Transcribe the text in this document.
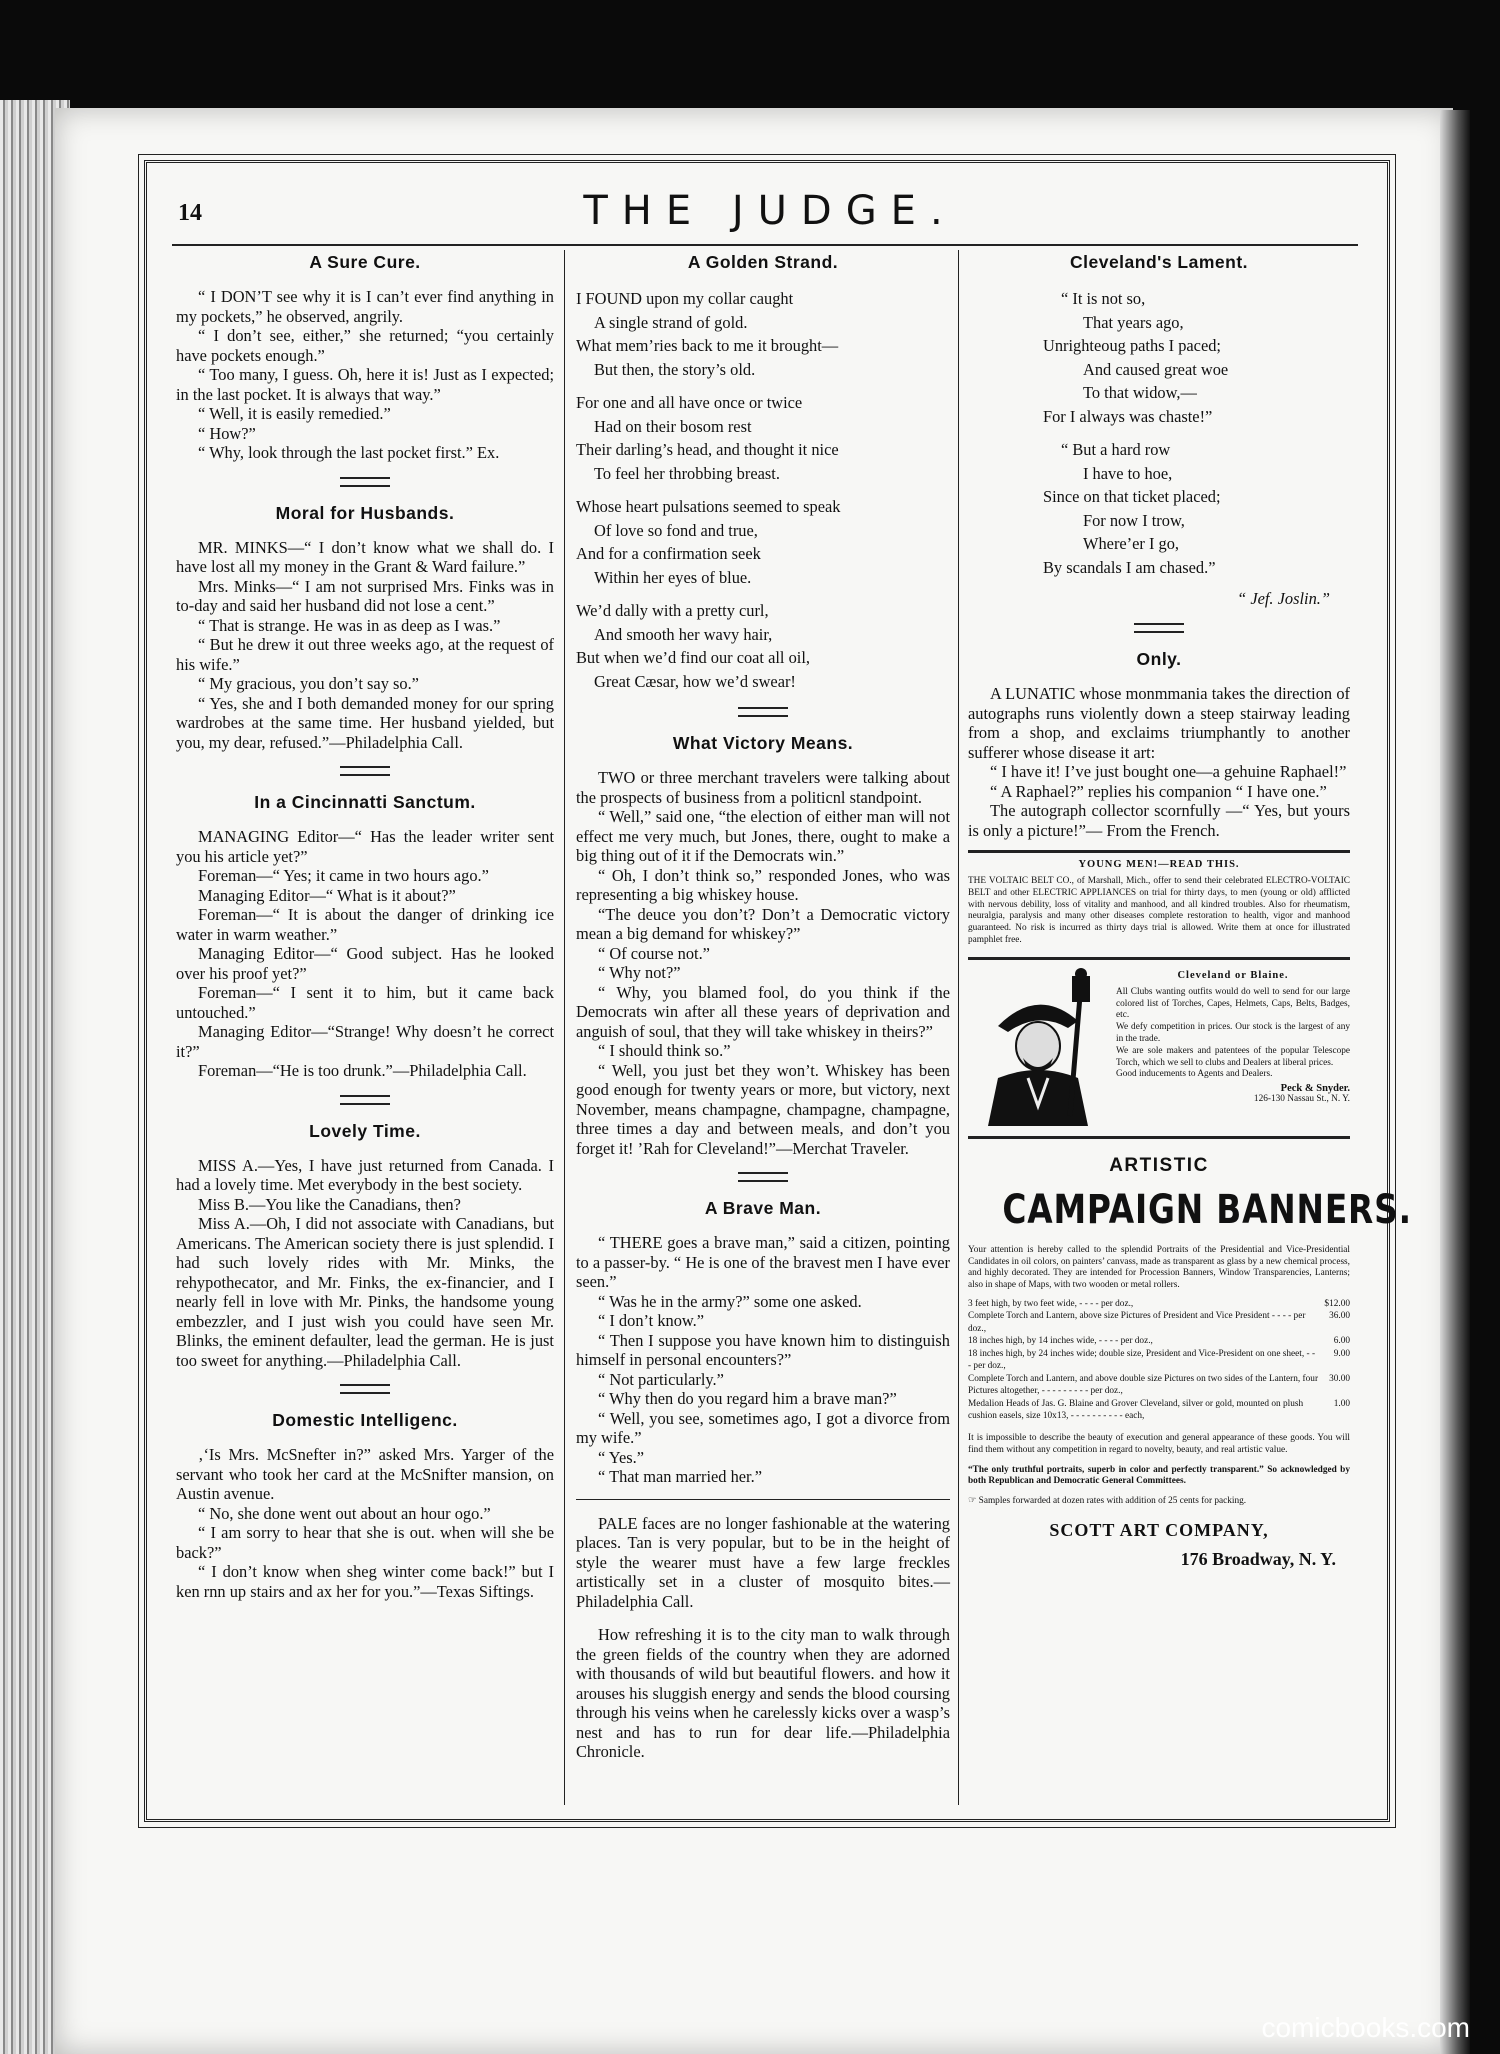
14	THE JUDGE.
A Sure Cure.

“ I DON’T see why it is I can’t ever find anything in my pockets,” he observed, angrily.

“ I don’t see, either,” she returned; “you certainly have pockets enough.”

“ Too many, I guess. Oh, here it is! Just as I expected; in the last pocket. It is always that way.”

“ Well, it is easily remedied.”

“ How?”

“ Why, look through the last pocket first.” Ex.

Moral for Husbands.

MR. MINKS—“ I don’t know what we shall do. I have lost all my money in the Grant & Ward failure.”

Mrs. Minks—“ I am not surprised Mrs. Finks was in to-day and said her husband did not lose a cent.”

“ That is strange. He was in as deep as I was.”

“ But he drew it out three weeks ago, at the request of his wife.”

“ My gracious, you don’t say so.”

“ Yes, she and I both demanded money for our spring wardrobes at the same time. Her husband yielded, but you, my dear, refused.”—Philadelphia Call.

In a Cincinnatti Sanctum.

MANAGING Editor—“ Has the leader writer sent you his article yet?”

Foreman—“ Yes; it came in two hours ago.”

Managing Editor—“ What is it about?”

Foreman—“ It is about the danger of drinking ice water in warm weather.”

Managing Editor—“ Good subject. Has he looked over his proof yet?”

Foreman—“ I sent it to him, but it came back untouched.”

Managing Editor—“Strange! Why doesn’t he correct it?”

Foreman—“He is too drunk.”—Philadelphia Call.

Lovely Time.

MISS A.—Yes, I have just returned from Canada. I had a lovely time. Met everybody in the best society.

Miss B.—You like the Canadians, then?

Miss A.—Oh, I did not associate with Canadians, but Americans. The American society there is just splendid. I had such lovely rides with Mr. Minks, the rehypothecator, and Mr. Finks, the ex-financier, and I nearly fell in love with Mr. Pinks, the handsome young embezzler, and I just wish you could have seen Mr. Blinks, the eminent defaulter, lead the german. He is just too sweet for anything.—Philadelphia Call.

Domestic Intelligenc.

‚‘Is Mrs. McSnefter in?” asked Mrs. Yarger of the servant who took her card at the McSnifter mansion, on Austin avenue.

“ No, she done went out about an hour ogo.”

“ I am sorry to hear that she is out. when will she be back?”

“ I don’t know when sheg winter come back!” but I ken rnn up stairs and ax her for you.”—Texas Siftings.

A Golden Strand.
I FOUND upon my collar caught
A single strand of gold.
What mem’ries back to me it brought—
But then, the story’s old.
For one and all have once or twice
Had on their bosom rest
Their darling’s head, and thought it nice
To feel her throbbing breast.
Whose heart pulsations seemed to speak
Of love so fond and true,
And for a confirmation seek
Within her eyes of blue.
We’d dally with a pretty curl,
And smooth her wavy hair,
But when we’d find our coat all oil,
Great Cæsar, how we’d swear!
What Victory Means.

TWO or three merchant travelers were talking about the prospects of business from a politicnl standpoint.

“ Well,” said one, “the election of either man will not effect me very much, but Jones, there, ought to make a big thing out of it if the Democrats win.”

“ Oh, I don’t think so,” responded Jones, who was representing a big whiskey house.

“The deuce you don’t? Don’t a Democratic victory mean a big demand for whiskey?”

“ Of course not.”

“ Why not?”

“ Why, you blamed fool, do you think if the Democrats win after all these years of deprivation and anguish of soul, that they will take whiskey in theirs?”

“ I should think so.”

“ Well, you just bet they won’t. Whiskey has been good enough for twenty years or more, but victory, next November, means champagne, champagne, champagne, three times a day and between meals, and don’t you forget it! ’Rah for Cleveland!”—Merchat Traveler.

A Brave Man.

“ THERE goes a brave man,” said a citizen, pointing to a passer-by. “ He is one of the bravest men I have ever seen.”

“ Was he in the army?” some one asked.

“ I don’t know.”

“ Then I suppose you have known him to distinguish himself in personal encounters?”

“ Not particularly.”

“ Why then do you regard him a brave man?”

“ Well, you see, sometimes ago, I got a divorce from my wife.”

“ Yes.”

“ That man married her.”

PALE faces are no longer fashionable at the watering places. Tan is very popular, but to be in the height of style the wearer must have a few large freckles artistically set in a cluster of mosquito bites.—Philadelphia Call.

How refreshing it is to the city man to walk through the green fields of the country when they are adorned with thousands of wild but beautiful flowers. and how it arouses his sluggish energy and sends the blood coursing through his veins when he carelessly kicks over a wasp’s nest and has to run for dear life.—Philadelphia Chronicle.

Cleveland's Lament.
“ It is not so,
That years ago,
Unrighteoug paths I paced;
And caused great woe
To that widow,—
For I always was chaste!”
“ But a hard row
I have to hoe,
Since on that ticket placed;
For now I trow,
Where’er I go,
By scandals I am chased.”
“ Jef. Joslin.”
Only.

A LUNATIC whose monmmania takes the direction of autographs runs violently down a steep stairway leading from a shop, and exclaims triumphantly to another sufferer whose disease it art:

“ I have it! I’ve just bought one—a gehuine Raphael!”

“ A Raphael?” replies his companion “ I have one.”

The autograph collector scornfully —“ Yes, but yours is only a picture!”— From the French.

YOUNG MEN!—READ THIS.

THE VOLTAIC BELT CO., of Marshall, Mich., offer to send their celebrated ELECTRO-VOLTAIC BELT and other ELECTRIC APPLIANCES on trial for thirty days, to men (young or old) afflicted with nervous debility, loss of vitality and manhood, and all kindred troubles. Also for rheumatism, neuralgia, paralysis and many other diseases complete restoration to health, vigor and manhood guaranteed. No risk is incurred as thirty days trial is allowed. Write them at once for illustrated pamphlet free.

Cleveland or Blaine.

All Clubs wanting outfits would do well to send for our large colored list of Torches, Capes, Helmets, Caps, Belts, Badges, etc.

We defy competition in prices. Our stock is the largest of any in the trade.

We are sole makers and patentees of the popular Telescope Torch, which we sell to clubs and Dealers at liberal prices.

Good inducements to Agents and Dealers.

Peck & Snyder.
126-130 Nassau St., N. Y.
ARTISTIC
CAMPAIGN BANNERS.

Your attention is hereby called to the splendid Portraits of the Presidential and Vice-Presidential Candidates in oil colors, on painters’ canvass, made as transparent as glass by a new chemical process, and highly decorated. They are intended for Procession Banners, Window Transparencies, Lanterns; also in shape of Maps, with two wooden or metal rollers.

3 feet high, by two feet wide, - - - - per doz.,	$12.00
Complete Torch and Lantern, above size Pictures of President and Vice President - - - - per doz.,	36.00
18 inches high, by 14 inches wide, - - - - per doz.,	6.00
18 inches high, by 24 inches wide; double size, President and Vice-President on one sheet, - - - per doz.,	9.00
Complete Torch and Lantern, and above double size Pictures on two sides of the Lantern, four Pictures altogether, - - - - - - - - - per doz.,	30.00
Medalion Heads of Jas. G. Blaine and Grover Cleveland, silver or gold, mounted on plush cushion easels, size 10x13, - - - - - - - - - - each,	1.00

It is impossible to describe the beauty of execution and general appearance of these goods. You will find them without any competition in regard to novelty, beauty, and real artistic value.

“The only truthful portraits, superb in color and perfectly transparent.” So acknowledged by both Republican and Democratic General Committees.

☞ Samples forwarded at dozen rates with addition of 25 cents for packing.

SCOTT ART COMPANY,
176 Broadway, N. Y.
comicbooks.com
